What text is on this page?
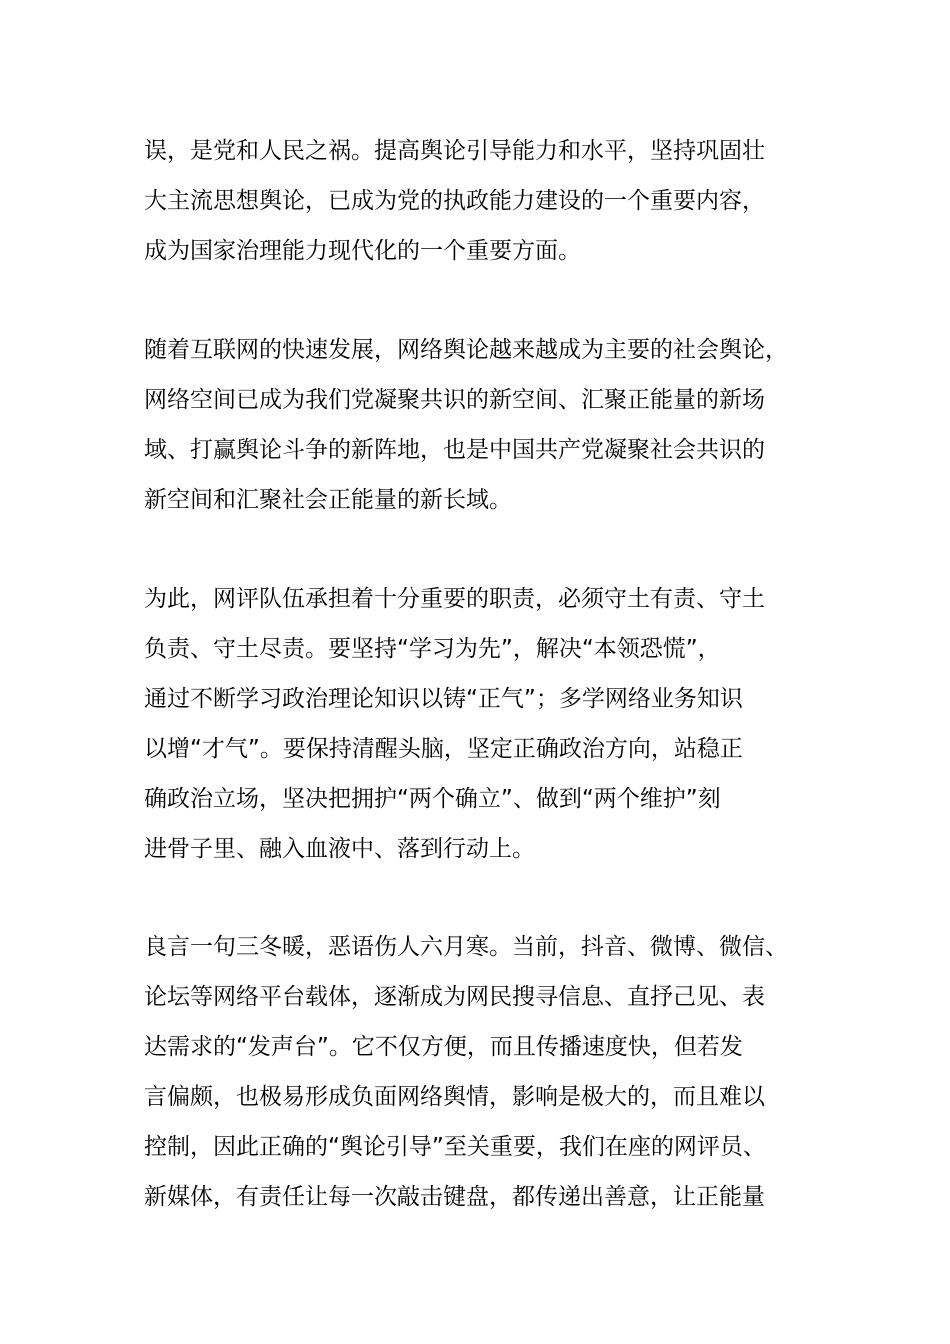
误，是党和人民之祸。提高舆论引导能力和水平，坚持巩固壮
大主流思想舆论，已成为党的执政能力建设的一个重要内容，
成为国家治理能力现代化的一个重要方面。
随着互联网的快速发展，网络舆论越来越成为主要的社会舆论，
网络空间已成为我们党凝聚共识的新空间、汇聚正能量的新场
域、打赢舆论斗争的新阵地，也是中国共产党凝聚社会共识的
新空间和汇聚社会正能量的新长域。
为此，网评队伍承担着十分重要的职责，必须守土有责、守土
负责、守土尽责。要坚持“学习为先”，解决“本领恐慌”，
通过不断学习政治理论知识以铸“正气”；多学网络业务知识
以增“才气”。要保持清醒头脑，坚定正确政治方向，站稳正
确政治立场，坚决把拥护“两个确立”、做到“两个维护”刻
进骨子里、融入血液中、落到行动上。
良言一句三冬暖，恶语伤人六月寒。当前，抖音、微博、微信、
论坛等网络平台载体，逐渐成为网民搜寻信息、直抒己见、表
达需求的“发声台”。它不仅方便，而且传播速度快，但若发
言偏颇，也极易形成负面网络舆情，影响是极大的，而且难以
控制，因此正确的“舆论引导”至关重要，我们在座的网评员、
新媒体，有责任让每一次敲击键盘，都传递出善意，让正能量
